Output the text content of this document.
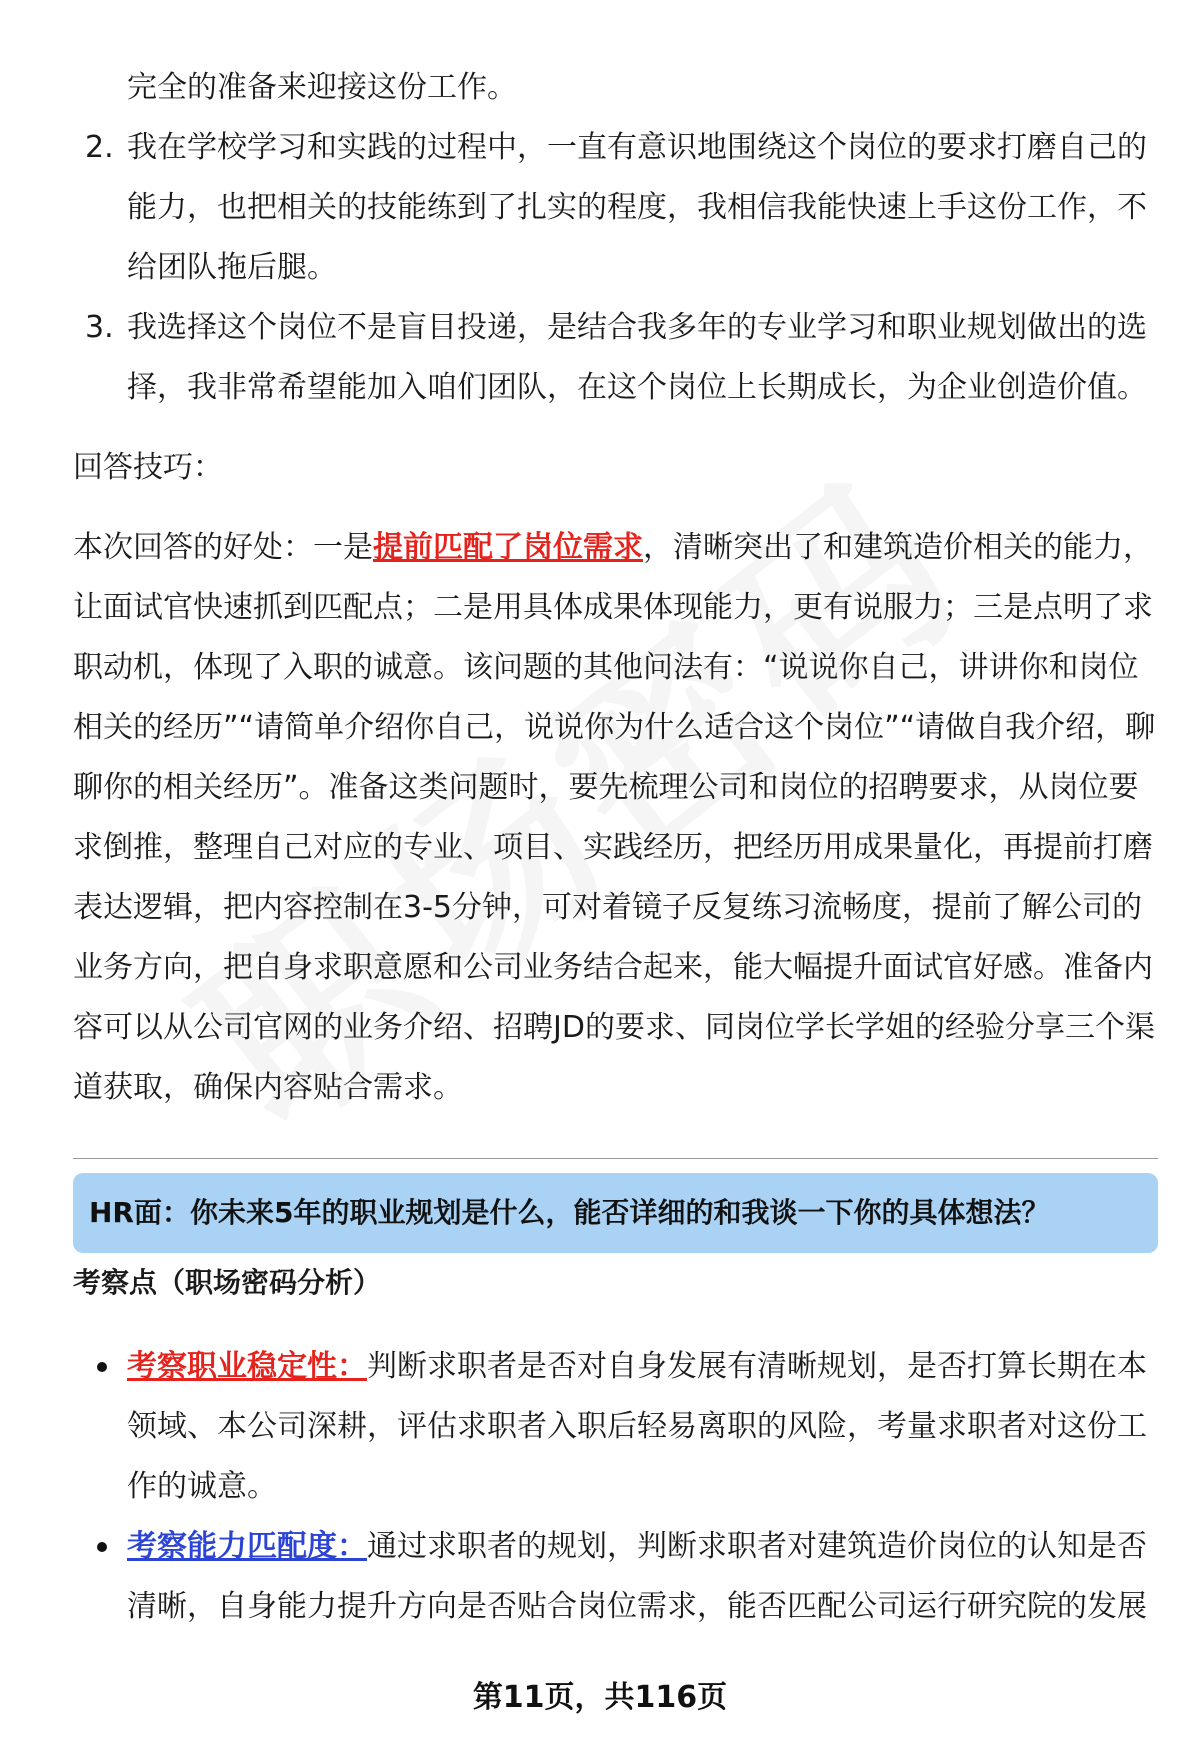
完全的准备来迎接这份工作。

2. 我在学校学习和实践的过程中，一直有意识地围绕这个岗位的要求打磨自己的能力，也把相关的技能练到了扎实的程度，我相信我能快速上手这份工作，不给团队拖后腿。
3. 我选择这个岗位不是盲目投递，是结合我多年的专业学习和职业规划做出的选择，我非常希望能加入咱们团队，在这个岗位上长期成长，为企业创造价值。

回答技巧：

本次回答的好处：一是提前匹配了岗位需求，清晰突出了和建筑造价相关的能力，让面试官快速抓到匹配点；二是用具体成果体现能力，更有说服力；三是点明了求职动机，体现了入职的诚意。该问题的其他问法有：“说说你自己，讲讲你和岗位相关的经历”“请简单介绍你自己，说说你为什么适合这个岗位”“请做自我介绍，聊聊你的相关经历”。准备这类问题时，要先梳理公司和岗位的招聘要求，从岗位要求倒推，整理自己对应的专业、项目、实践经历，把经历用成果量化，再提前打磨表达逻辑，把内容控制在3-5分钟，可对着镜子反复练习流畅度，提前了解公司的业务方向，把自身求职意愿和公司业务结合起来，能大幅提升面试官好感。准备内容可以从公司官网的业务介绍、招聘JD的要求、同岗位学长学姐的经验分享三个渠道获取，确保内容贴合需求。

HR面：你未来5年的职业规划是什么，能否详细的和我谈一下你的具体想法？
考察点（职场密码分析）
考察职业稳定性：判断求职者是否对自身发展有清晰规划，是否打算长期在本领域、本公司深耕，评估求职者入职后轻易离职的风险，考量求职者对这份工作的诚意。
考察能力匹配度：通过求职者的规划，判断求职者对建筑造价岗位的认知是否清晰，自身能力提升方向是否贴合岗位需求，能否匹配公司运行研究院的发展
第11页，共116页
